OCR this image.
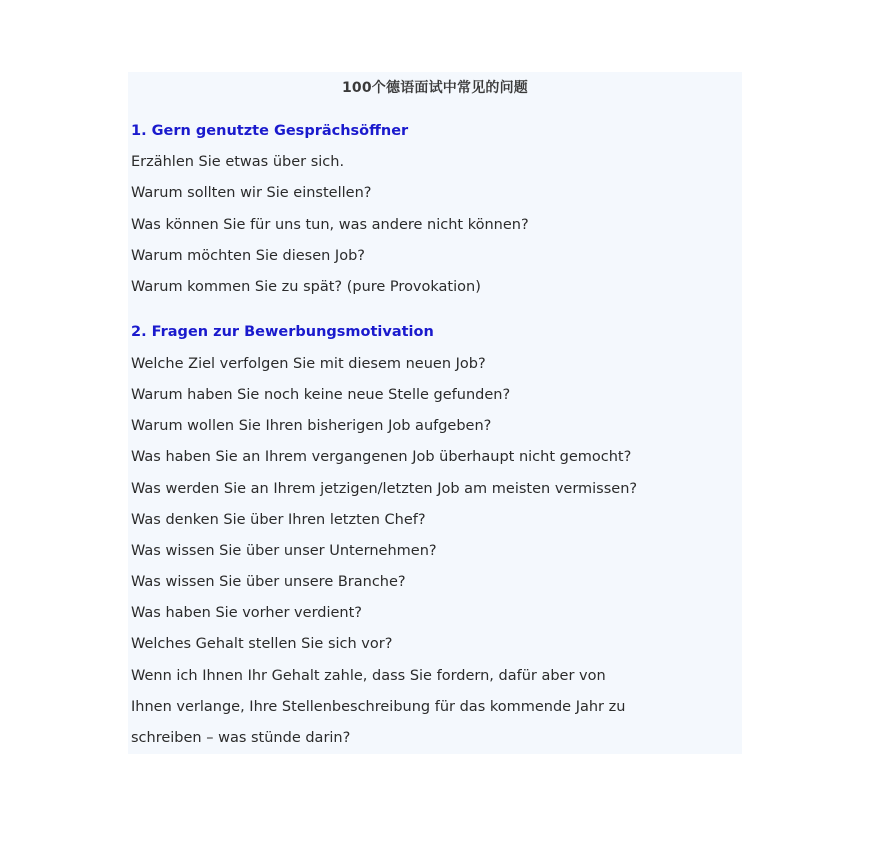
100个德语面试中常见的问题
1. Gern genutzte Gesprächsöffner
Erzählen Sie etwas über sich.
Warum sollten wir Sie einstellen?
Was können Sie für uns tun, was andere nicht können?
Warum möchten Sie diesen Job?
Warum kommen Sie zu spät? (pure Provokation)
2. Fragen zur Bewerbungsmotivation
Welche Ziel verfolgen Sie mit diesem neuen Job?
Warum haben Sie noch keine neue Stelle gefunden?
Warum wollen Sie Ihren bisherigen Job aufgeben?
Was haben Sie an Ihrem vergangenen Job überhaupt nicht gemocht?
Was werden Sie an Ihrem jetzigen/letzten Job am meisten vermissen?
Was denken Sie über Ihren letzten Chef?
Was wissen Sie über unser Unternehmen?
Was wissen Sie über unsere Branche?
Was haben Sie vorher verdient?
Welches Gehalt stellen Sie sich vor?
Wenn ich Ihnen Ihr Gehalt zahle, dass Sie fordern, dafür aber von
Ihnen verlange, Ihre Stellenbeschreibung für das kommende Jahr zu
schreiben – was stünde darin?
